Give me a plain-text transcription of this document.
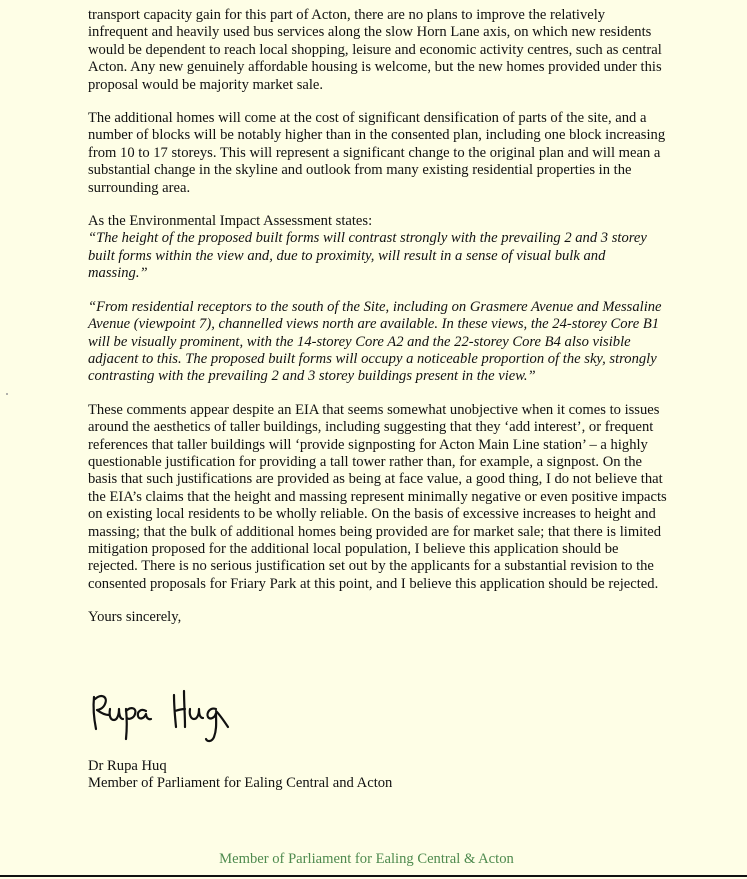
transport capacity gain for this part of Acton, there are no plans to improve the relatively infrequent and heavily used bus services along the slow Horn Lane axis, on which new residents would be dependent to reach local shopping, leisure and economic activity centres, such as central Acton. Any new genuinely affordable housing is welcome, but the new homes provided under this proposal would be majority market sale.

The additional homes will come at the cost of significant densification of parts of the site, and a number of blocks will be notably higher than in the consented plan, including one block increasing from 10 to 17 storeys. This will represent a significant change to the original plan and will mean a substantial change in the skyline and outlook from many existing residential properties in the surrounding area.

As the Environmental Impact Assessment states:
“The height of the proposed built forms will contrast strongly with the prevailing 2 and 3 storey built forms within the view and, due to proximity, will result in a sense of visual bulk and massing.”

“From residential receptors to the south of the Site, including on Grasmere Avenue and Messaline Avenue (viewpoint 7), channelled views north are available. In these views, the 24-storey Core B1 will be visually prominent, with the 14-storey Core A2 and the 22-storey Core B4 also visible adjacent to this. The proposed built forms will occupy a noticeable proportion of the sky, strongly contrasting with the prevailing 2 and 3 storey buildings present in the view.”

These comments appear despite an EIA that seems somewhat unobjective when it comes to issues around the aesthetics of taller buildings, including suggesting that they ‘add interest’, or frequent references that taller buildings will ‘provide signposting for Acton Main Line station’ – a highly questionable justification for providing a tall tower rather than, for example, a signpost. On the basis that such justifications are provided as being at face value, a good thing, I do not believe that the EIA’s claims that the height and massing represent minimally negative or even positive impacts on existing local residents to be wholly reliable. On the basis of excessive increases to height and massing; that the bulk of additional homes being provided are for market sale; that there is limited mitigation proposed for the additional local population, I believe this application should be rejected. There is no serious justification set out by the applicants for a substantial revision to the consented proposals for Friary Park at this point, and I believe this application should be rejected.

Yours sincerely,

Dr Rupa Huq
Member of Parliament for Ealing Central and Acton
Member of Parliament for Ealing Central & Acton
